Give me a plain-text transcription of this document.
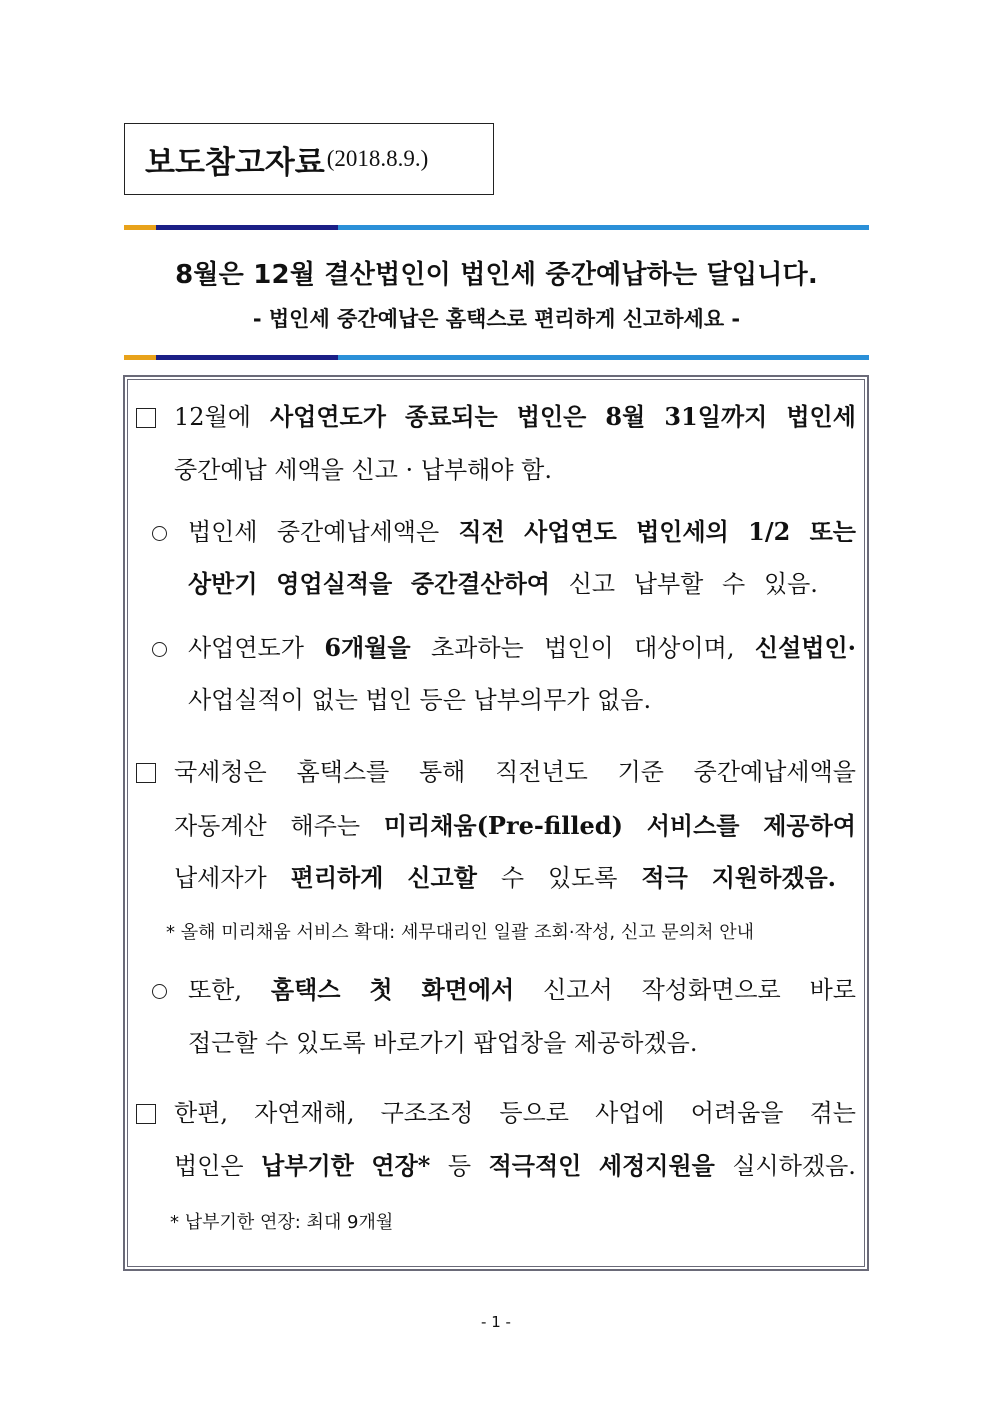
보도참고자료 (2018.8.9.)
8월은 12월 결산법인이 법인세 중간예납하는 달입니다.
- 법인세 중간예납은 홈택스로 편리하게 신고하세요 -
12월에 사업연도가 종료되는 법인은 8월 31일까지 법인세
중간예납 세액을 신고 · 납부해야 함.
법인세 중간예납세액은 직전 사업연도 법인세의 1/2 또는
상반기 영업실적을 중간결산하여 신고 납부할 수 있음.
사업연도가 6개월을 초과하는 법인이 대상이며, 신설법인·
사업실적이 없는 법인 등은 납부의무가 없음.
국세청은 홈택스를 통해 직전년도 기준 중간예납세액을
자동계산 해주는 미리채움(Pre-filled) 서비스를 제공하여
납세자가 편리하게 신고할 수 있도록 적극 지원하겠음.
* 올해 미리채움 서비스 확대: 세무대리인 일괄 조회·작성, 신고 문의처 안내
또한, 홈택스 첫 화면에서 신고서 작성화면으로 바로
접근할 수 있도록 바로가기 팝업창을 제공하겠음.
한편, 자연재해, 구조조정 등으로 사업에 어려움을 겪는
법인은 납부기한 연장* 등 적극적인 세정지원을 실시하겠음.
* 납부기한 연장: 최대 9개월
- 1 -
